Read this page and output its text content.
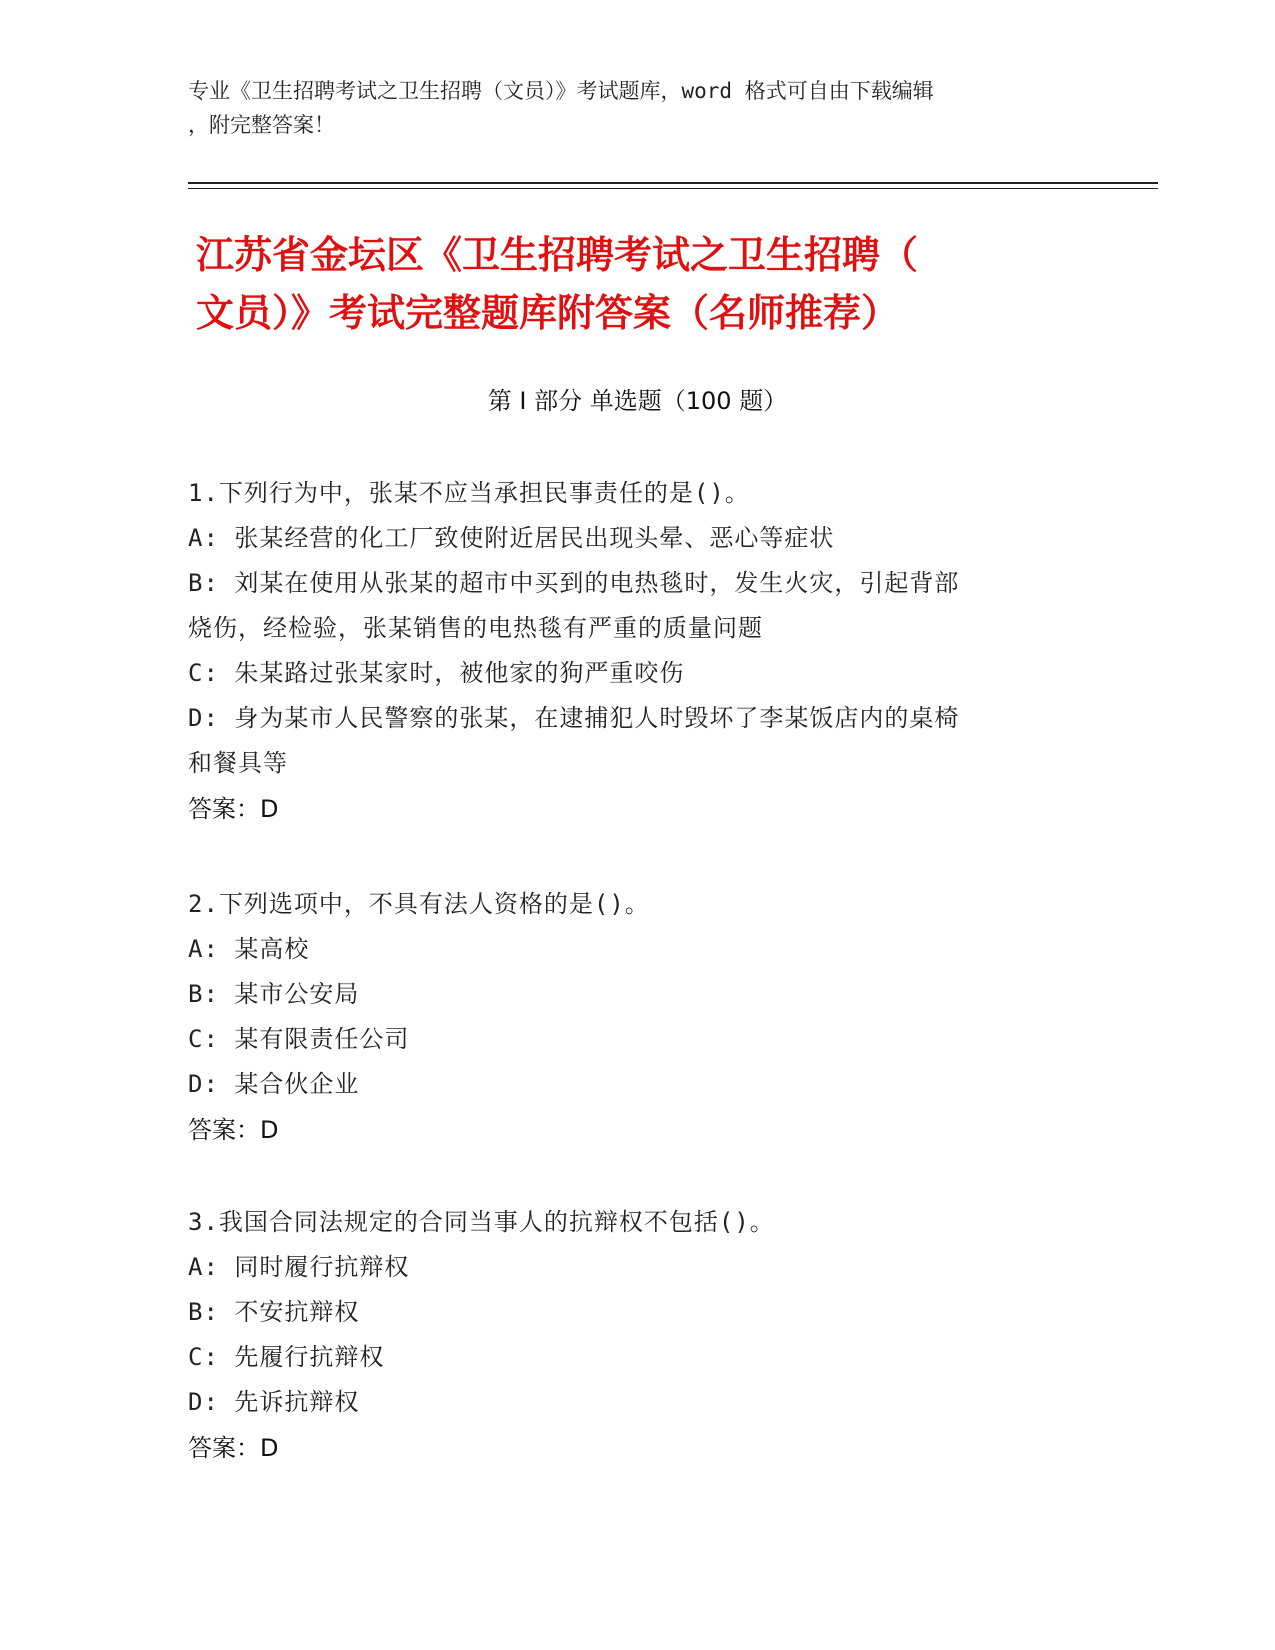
专业《卫生招聘考试之卫生招聘（文员）》考试题库，word 格式可自由下载编辑
，附完整答案！
江苏省金坛区《卫生招聘考试之卫生招聘（
文员）》考试完整题库附答案（名师推荐）
第 I 部分 单选题（100 题）
1.下列行为中，张某不应当承担民事责任的是()。
A: 张某经营的化工厂致使附近居民出现头晕、恶心等症状
B: 刘某在使用从张某的超市中买到的电热毯时，发生火灾，引起背部
烧伤，经检验，张某销售的电热毯有严重的质量问题
C: 朱某路过张某家时，被他家的狗严重咬伤
D: 身为某市人民警察的张某，在逮捕犯人时毁坏了李某饭店内的桌椅
和餐具等
答案：D
2.下列选项中，不具有法人资格的是()。
A: 某高校
B: 某市公安局
C: 某有限责任公司
D: 某合伙企业
答案：D
3.我国合同法规定的合同当事人的抗辩权不包括()。
A: 同时履行抗辩权
B: 不安抗辩权
C: 先履行抗辩权
D: 先诉抗辩权
答案：D
